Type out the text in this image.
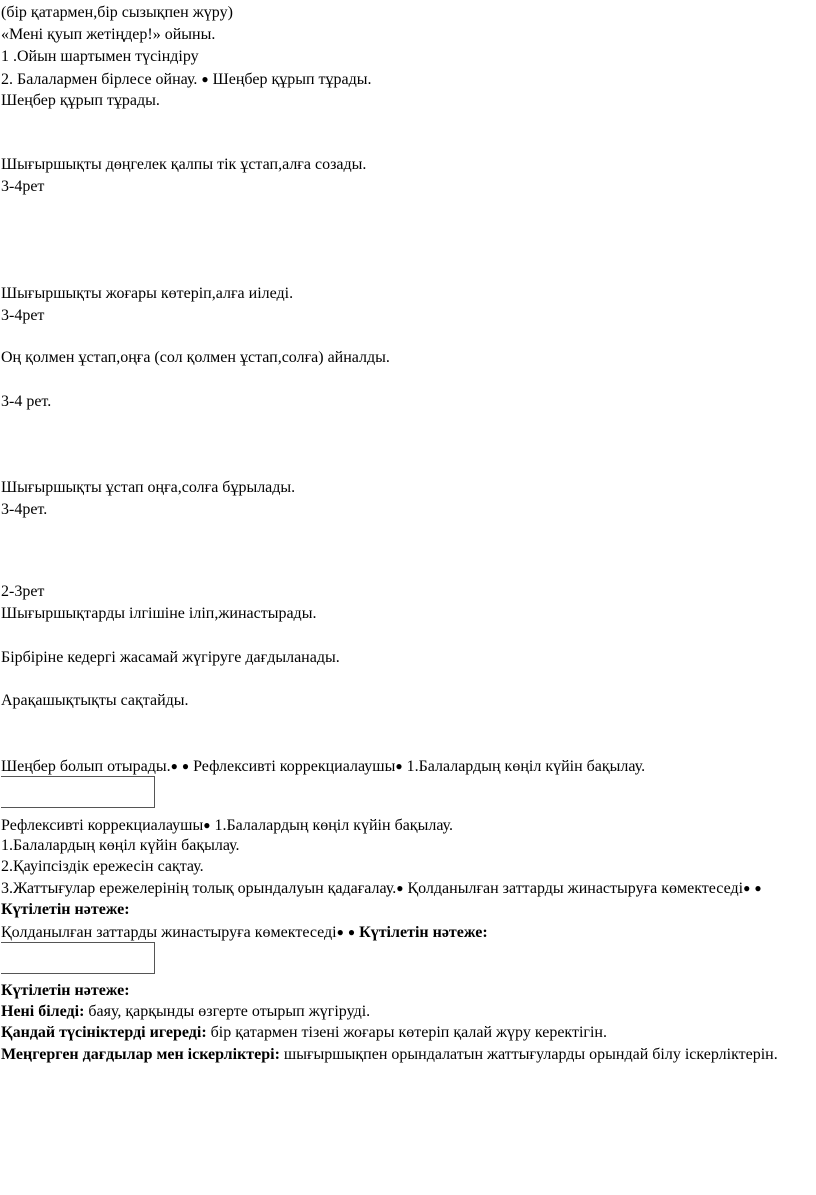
(бір қатармен,бір сызықпен жүру)

«Мені қуып жетіңдер!» ойыны.

1 .Ойын шартымен түсіндіру

2. Балалармен бірлесе ойнау. ● Шеңбер құрып тұрады.

Шеңбер құрып тұрады.

Шығыршықты дөңгелек қалпы тік ұстап,алға созады.

3-4рет

Шығыршықты жоғары көтеріп,алға иіледі.

3-4рет

Оң қолмен ұстап,оңға (сол қолмен ұстап,солға) айналды.

3-4 рет.

Шығыршықты ұстап оңға,солға бұрылады.

3-4рет.

2-3рет

Шығыршықтарды ілгішіне іліп,жинастырады.

Бірбіріне кедергі жасамай жүгіруге дағдыланады.

Арақашықтықты сақтайды.

Шеңбер болып отырады.● ● Рефлексивті коррекциалаушы● 1.Балалардың көңіл күйін бақылау.

Рефлексивті коррекциалаушы● 1.Балалардың көңіл күйін бақылау.

1.Балалардың көңіл күйін бақылау.

2.Қауіпсіздік ережесін сақтау.

3.Жаттығулар ережелерінің толық орындалуын қадағалау.● Қолданылған заттарды жинастыруға көмектеседі● ● Күтілетін нәтеже:

Қолданылған заттарды жинастыруға көмектеседі● ● Күтілетін нәтеже:

Күтілетін нәтеже:

Нені біледі: баяу, қарқынды өзгерте отырып жүгіруді.

Қандай түсініктерді игереді: бір қатармен тізені жоғары көтеріп қалай жүру керектігін.

Меңгерген дағдылар мен іскерліктері: шығыршықпен орындалатын жаттығуларды орындай білу іскерліктерін.
